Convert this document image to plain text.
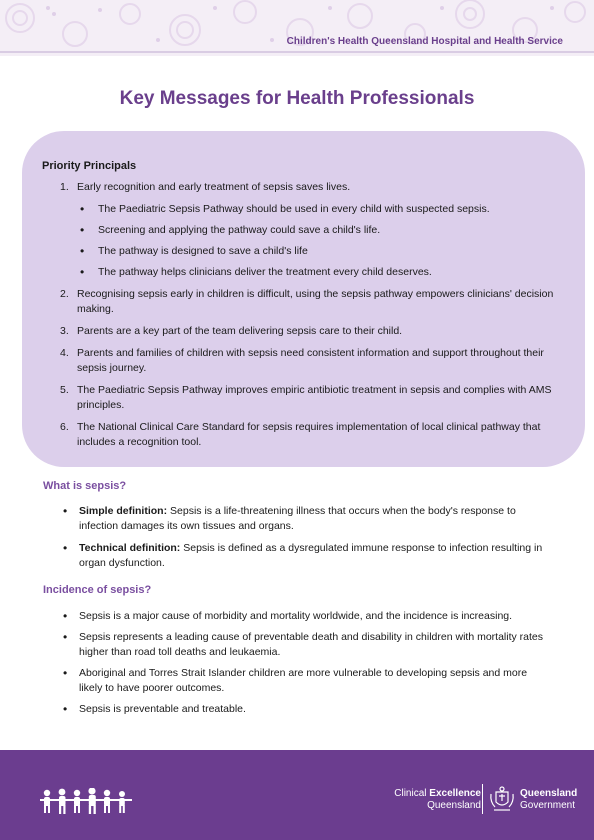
Children's Health Queensland Hospital and Health Service
Key Messages for Health Professionals
Priority Principals
1. Early recognition and early treatment of sepsis saves lives.
• The Paediatric Sepsis Pathway should be used in every child with suspected sepsis.
• Screening and applying the pathway could save a child's life.
• The pathway is designed to save a child's life
• The pathway helps clinicians deliver the treatment every child deserves.
2. Recognising sepsis early in children is difficult, using the sepsis pathway empowers clinicians' decision making.
3. Parents are a key part of the team delivering sepsis care to their child.
4. Parents and families of children with sepsis need consistent information and support throughout their sepsis journey.
5. The Paediatric Sepsis Pathway improves empiric antibiotic treatment in sepsis and complies with AMS principles.
6. The National Clinical Care Standard for sepsis requires implementation of local clinical pathway that includes a recognition tool.
What is sepsis?
• Simple definition: Sepsis is a life-threatening illness that occurs when the body's response to infection damages its own tissues and organs.
• Technical definition: Sepsis is defined as a dysregulated immune response to infection resulting in organ dysfunction.
Incidence of sepsis?
• Sepsis is a major cause of morbidity and mortality worldwide, and the incidence is increasing.
• Sepsis represents a leading cause of preventable death and disability in children with mortality rates higher than road toll deaths and leukaemia.
• Aboriginal and Torres Strait Islander children are more vulnerable to developing sepsis and more likely to have poorer outcomes.
• Sepsis is preventable and treatable.
Clinical Excellence
Queensland
Queensland
Government
